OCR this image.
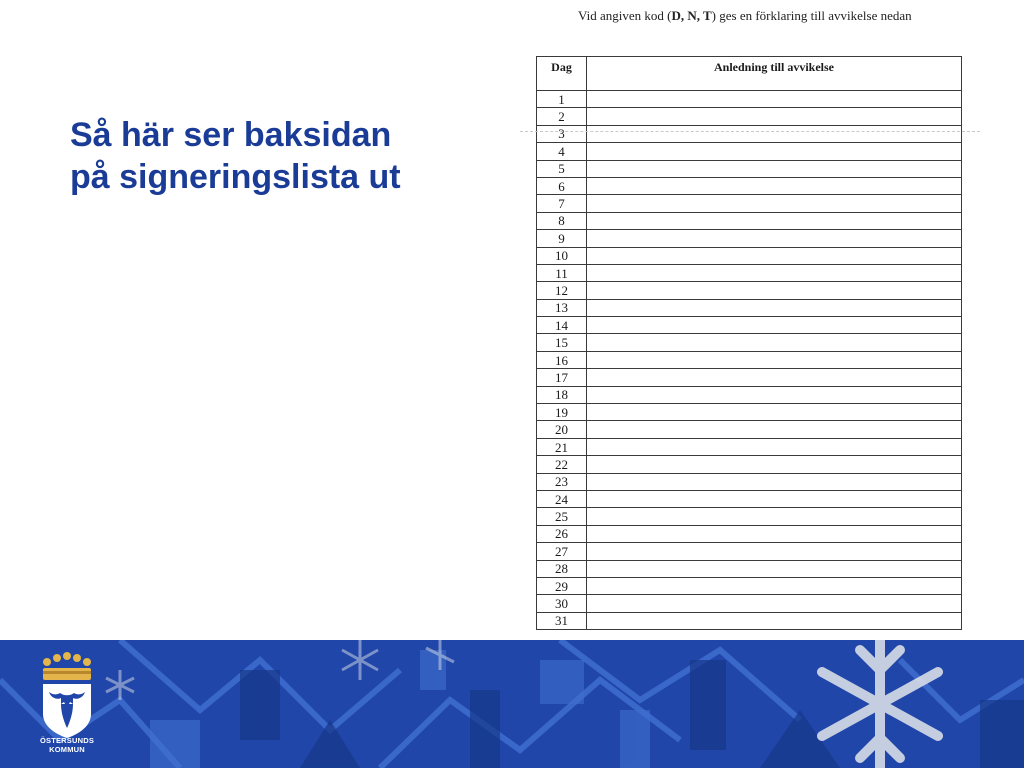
Så här ser baksidan
på signeringslista ut
Vid angiven kod (D, N, T) ges en förklaring till avvikelse nedan
Dag	Anledning till avvikelse
1	
2	
3	
4	
5	
6	
7	
8	
9	
10	
11	
12	
13	
14	
15	
16	
17	
18	
19	
20	
21	
22	
23	
24	
25	
26	
27	
28	
29	
30	
31	
ÖSTERSUNDS
KOMMUN
